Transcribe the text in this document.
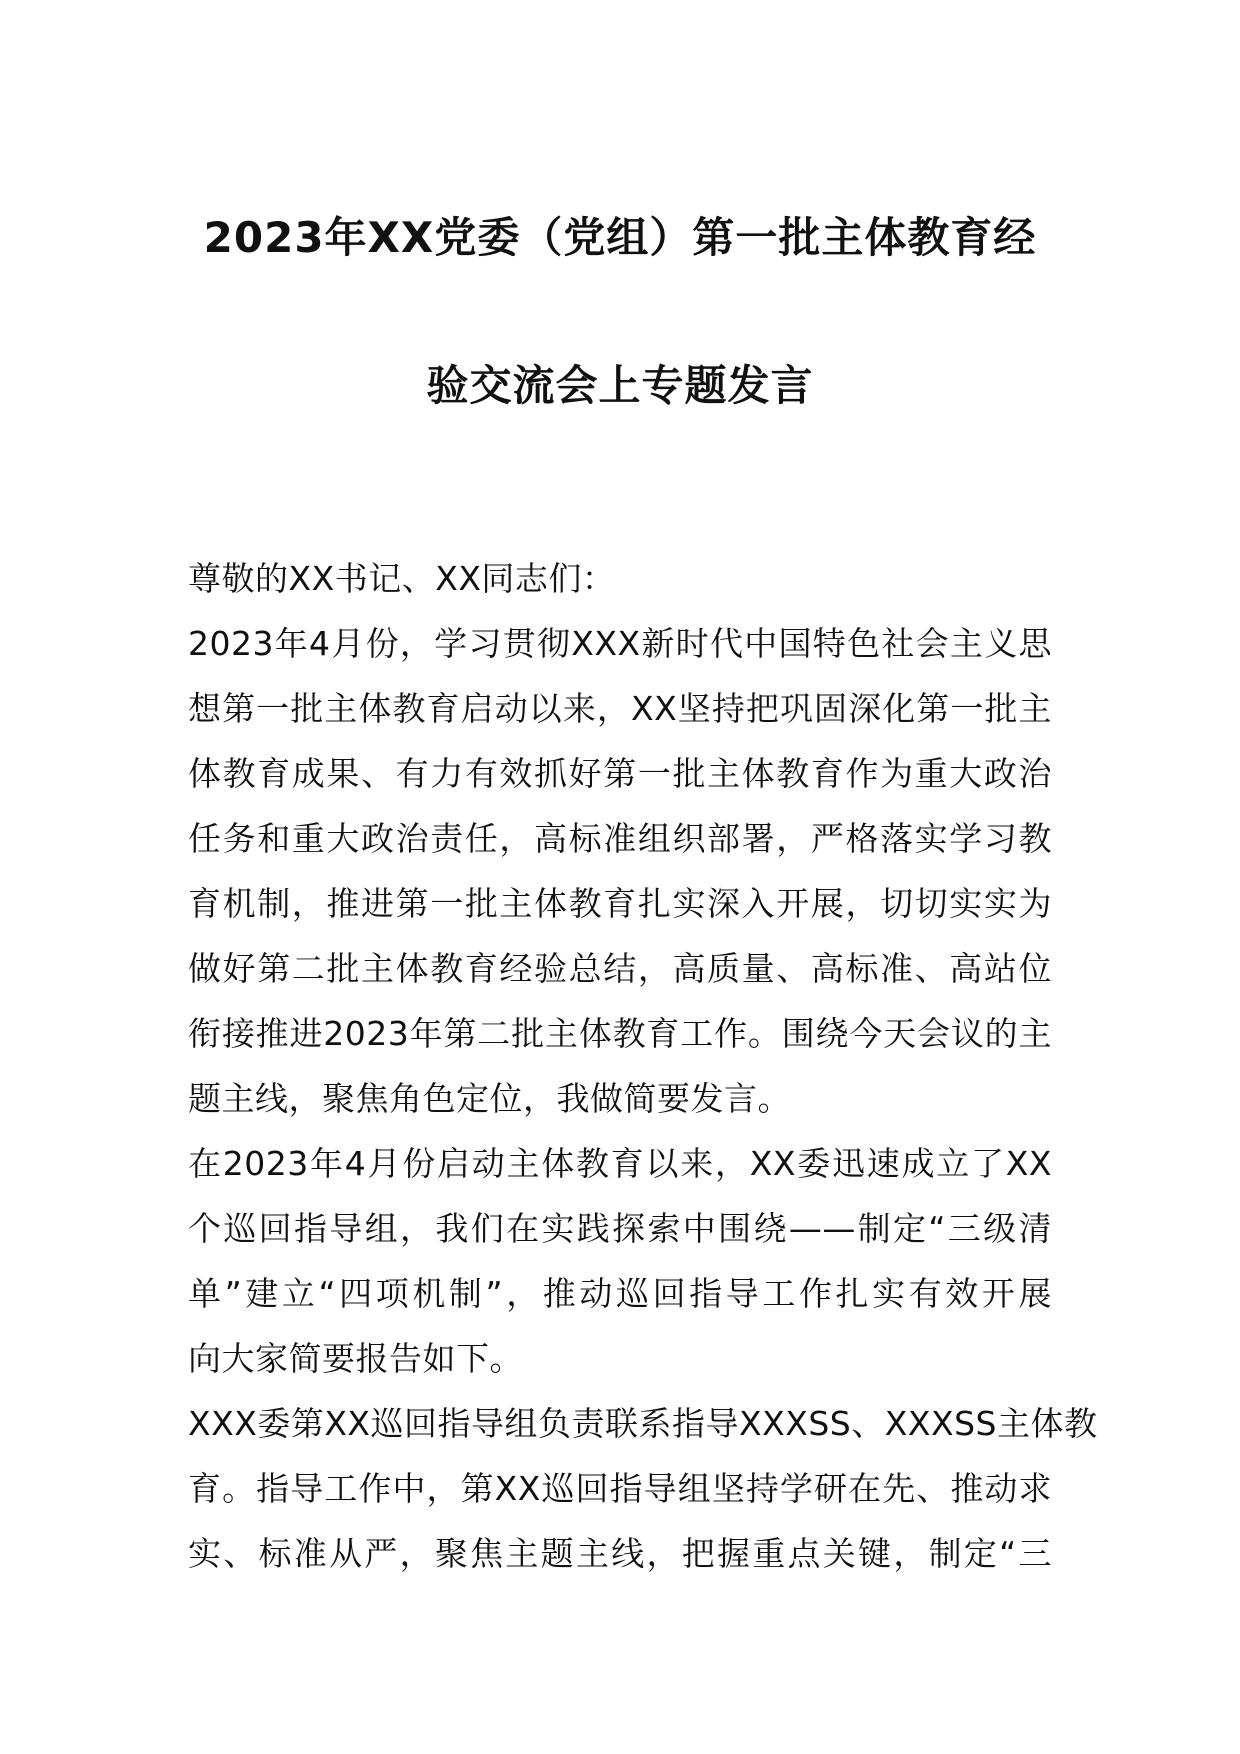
2023年XX党委（党组）第一批主体教育经
验交流会上专题发言
尊敬的XX书记、XX同志们：
2023年4月份，学习贯彻XXX新时代中国特色社会主义思
想第一批主体教育启动以来，XX坚持把巩固深化第一批主
体教育成果、有力有效抓好第一批主体教育作为重大政治
任务和重大政治责任，高标准组织部署，严格落实学习教
育机制，推进第一批主体教育扎实深入开展，切切实实为
做好第二批主体教育经验总结，高质量、高标准、高站位
衔接推进2023年第二批主体教育工作。围绕今天会议的主
题主线，聚焦角色定位，我做简要发言。
在2023年4月份启动主体教育以来，XX委迅速成立了XX
个巡回指导组，我们在实践探索中围绕——制定“三级清
单”建立“四项机制”，推动巡回指导工作扎实有效开展
向大家简要报告如下。
XXX委第XX巡回指导组负责联系指导XXXSS、XXXSS主体教
育。指导工作中，第XX巡回指导组坚持学研在先、推动求
实、标准从严，聚焦主题主线，把握重点关键，制定“三
